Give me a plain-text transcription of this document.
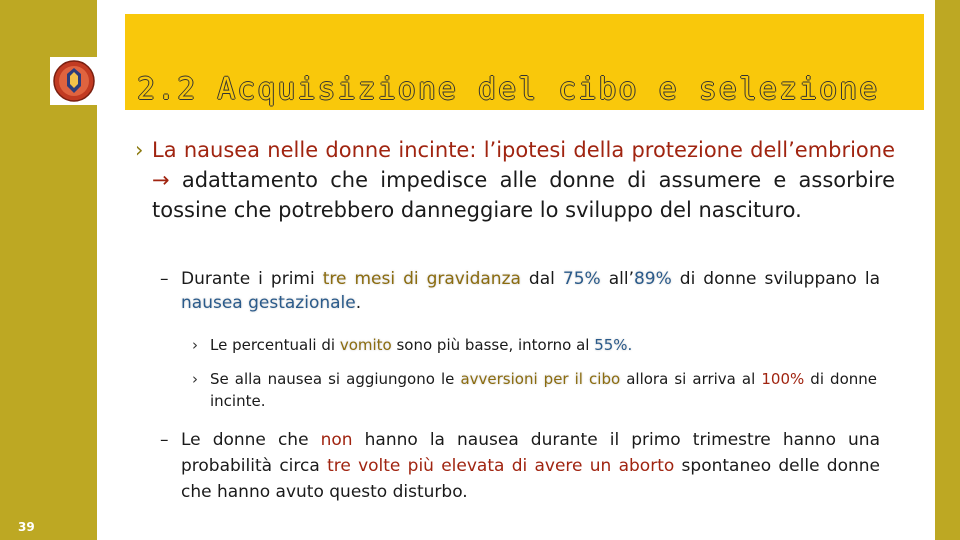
2.2 Acquisizione del cibo e selezione
› La nausea nelle donne incinte: l’ipotesi della protezione dell’embrione → adattamento che impedisce alle donne di assumere e assorbire tossine che potrebbero danneggiare lo sviluppo del nascituro.
– Durante i primi tre mesi di gravidanza dal 75% all’89% di donne sviluppano la nausea gestazionale.
› Le percentuali di vomito sono più basse, intorno al 55%.
› Se alla nausea si aggiungono le avversioni per il cibo allora si arriva al 100% di donne incinte.
– Le donne che non hanno la nausea durante il primo trimestre hanno una probabilità circa tre volte più elevata di avere un aborto spontaneo delle donne che hanno avuto questo disturbo.
39
